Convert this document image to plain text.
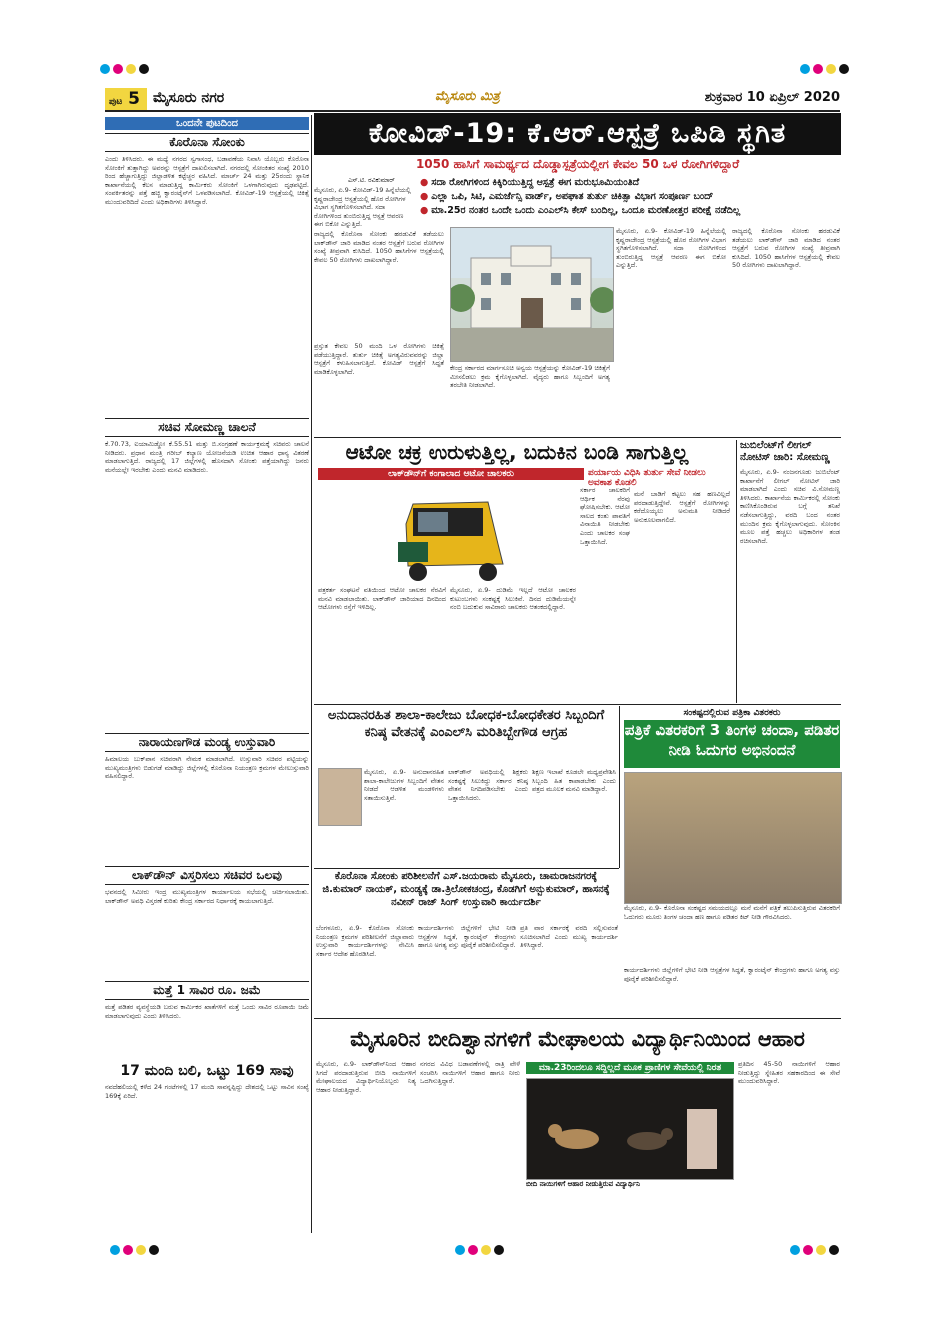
ಪುಟ 5 ಮೈಸೂರು ನಗರ	ಮೈಸೂರು ಮಿತ್ರ	ಶುಕ್ರವಾರ 10 ಏಪ್ರಿಲ್ 2020
ಒಂದನೇ ಪುಟದಿಂದ
ಕೊರೊನಾ ಸೋಂಕು
ಎಂದು ತಿಳಿಸಿದರು. ಈ ಮಧ್ಯೆ ನಗರದ ಸ್ವಗಾಸಂಧ, ಬಡಾವಣೆಯ ನಿವಾಸಿ ಯೊಬ್ಬರು ಕೊರೊನಾ ಸೋಂಕಿಗೆ ತುತ್ತಾಗಿದ್ದು ಅವರನ್ನು ಆಸ್ಪತ್ರೆಗೆ ದಾಖಲಿಸಲಾಗಿದೆ. ನಗರದಲ್ಲಿ ಸೋಂಕಿತರ ಸಂಖ್ಯೆ 2010 ರಿಂದ ಹೆಚ್ಚಾಗುತ್ತಿದ್ದು ಜಿಲ್ಲಾಡಳಿತ ಕಟ್ಟೆಚ್ಚರ ವಹಿಸಿದೆ. ಮಾರ್ಚ್ 24 ಮತ್ತು 25ರಂದು ಸ್ಥಾನಿಕ ಕಾರ್ಖಾನೆಯಲ್ಲಿ ಕೆಲಸ ಮಾಡುತ್ತಿದ್ದ ಕಾರ್ಮಿಕರು ಸೋಂಕಿಗೆ ಒಳಗಾಗಿರುವುದು ದೃಢಪಟ್ಟಿದೆ. ಸಂಪರ್ಕಿತರನ್ನು ಪತ್ತೆ ಹಚ್ಚಿ ಕ್ವಾರಂಟೈನ್‌ಗೆ ಒಳಪಡಿಸಲಾಗಿದೆ. ಕೋವಿಡ್-19 ಆಸ್ಪತ್ರೆಯಲ್ಲಿ ಚಿಕಿತ್ಸೆ ಮುಂದುವರಿದಿದೆ ಎಂದು ಅಧಿಕಾರಿಗಳು ತಿಳಿಸಿದ್ದಾರೆ.
ಸಚಿವ ಸೋಮಣ್ಣ ಚಾಲನೆ
ಕೆ.70.73, ಐಯಾಮಿಡ್ಡೋ ಕೆ.55.51 ಮತ್ತು ಬಿ.ಸಂಗ್ರಹಣೆ ಕಾರ್ಯಕ್ರಮಕ್ಕೆ ಸಚಿವರು ಚಾಲನೆ ನೀಡಿದರು. ಪ್ರಧಾನ ಮಂತ್ರಿ ಗರೀಬ್ ಕಲ್ಯಾಣ ಯೋಜನೆಯಡಿ ಉಚಿತ ಆಹಾರ ಧಾನ್ಯ ವಿತರಣೆ ಮಾಡಲಾಗುತ್ತಿದೆ. ರಾಜ್ಯದಲ್ಲಿ 17 ಜಿಲ್ಲೆಗಳಲ್ಲಿ ಹೊಸದಾಗಿ ಸೋಂಕು ಪತ್ತೆಯಾಗಿದ್ದು ಜನರು ಮನೆಯಲ್ಲೇ ಇರಬೇಕು ಎಂದು ಮನವಿ ಮಾಡಿದರು.
ನಾರಾಯಣಗೌಡ ಮಂಡ್ಯ ಉಸ್ತುವಾರಿ
ಹಿಮಾಲಯ ಬುಕ್‌ಪಾನ ಸಚಿವರಾಗಿ ನೇಮಕ ಮಾಡಲಾಗಿದೆ. ಉಸ್ತುವಾರಿ ಸಚಿವರ ಪಟ್ಟಿಯನ್ನು ಮುಖ್ಯಮಂತ್ರಿಗಳು ಬಿಡುಗಡೆ ಮಾಡಿದ್ದು ಜಿಲ್ಲೆಗಳಲ್ಲಿ ಕೊರೊನಾ ನಿಯಂತ್ರಣ ಕ್ರಮಗಳ ಮೇಲುಸ್ತುವಾರಿ ವಹಿಸಲಿದ್ದಾರೆ.
ಲಾಕ್‌ಡೌನ್ ವಿಸ್ತರಿಸಲು ಸಚಿವರ ಒಲವು
ಭವನದಲ್ಲಿ ಸಿಮೀರು ಇಂದ್ರ ಮುಖ್ಯಮಂತ್ರಿಗಳ ಕಾರ್ಯಾಲಯ ಸಭೆಯಲ್ಲಿ ಚರ್ಚಿಸಲಾಯಿತು. ಲಾಕ್‌ಡೌನ್ ಅವಧಿ ವಿಸ್ತರಣೆ ಕುರಿತು ಕೇಂದ್ರ ಸರ್ಕಾರದ ನಿರ್ಧಾರಕ್ಕೆ ಕಾಯಲಾಗುತ್ತಿದೆ.
ಮತ್ತೆ 1 ಸಾವಿರ ರೂ. ಜಮೆ
ಮತ್ತೆ ಪಡಿತರ ವ್ಯವಸ್ಥೆಯಡಿ ಬರುವ ಕಾರ್ಮಿಕರ ಖಾತೆಗಳಿಗೆ ಮತ್ತೆ ಒಂದು ಸಾವಿರ ರೂಪಾಯಿ ಜಮೆ ಮಾಡಲಾಗುವುದು ಎಂದು ತಿಳಿಸಿದರು.
17 ಮಂದಿ ಬಲಿ, ಒಟ್ಟು 169 ಸಾವು
ನವದೆಹಲಿಯಲ್ಲಿ ಕಳೆದ 24 ಗಂಟೆಗಳಲ್ಲಿ 17 ಮಂದಿ ಸಾವನ್ನಪ್ಪಿದ್ದು ದೇಶದಲ್ಲಿ ಒಟ್ಟು ಸಾವಿನ ಸಂಖ್ಯೆ 169ಕ್ಕೆ ಏರಿದೆ.
ಕೋವಿಡ್-19: ಕೆ.ಆರ್.ಆಸ್ಪತ್ರೆ ಒಪಿಡಿ ಸ್ಥಗಿತ
1050 ಹಾಸಿಗೆ ಸಾಮರ್ಥ್ಯದ ದೊಡ್ಡಾಸ್ಪತ್ರೆಯಲ್ಲೀಗ ಕೇವಲ 50 ಒಳ ರೋಗಿಗಳಿದ್ದಾರೆ
ಎಸ್.ಟಿ. ರವಿಕುಮಾರ್
ಮೈಸೂರು, ಏ.9- ಕೋವಿಡ್-19 ಹಿನ್ನೆಲೆಯಲ್ಲಿ ಕೃಷ್ಣರಾಜೇಂದ್ರ ಆಸ್ಪತ್ರೆಯಲ್ಲಿ ಹೊರ ರೋಗಿಗಳ ವಿಭಾಗ ಸ್ಥಗಿತಗೊಳಿಸಲಾಗಿದೆ. ಸದಾ ರೋಗಿಗಳಿಂದ ತುಂಬಿರುತ್ತಿದ್ದ ಆಸ್ಪತ್ರೆ ಆವರಣ ಈಗ ಬಿಕೋ ಎನ್ನುತ್ತಿದೆ.
● ಸದಾ ರೋಗಿಗಳಿಂದ ಕಿಕ್ಕಿರಿಯುತ್ತಿದ್ದ ಆಸ್ಪತ್ರೆ ಈಗ ಮರುಭೂಮಿಯಂತಿದೆ
● ಎಲ್ಲಾ ಒಪಿ, ಸಿಟಿ, ಎಮರ್ಜೆನ್ಸಿ ವಾರ್ಡ್, ಅಪಘಾತ ತುರ್ತು ಚಿಕಿತ್ಸಾ ವಿಭಾಗ ಸಂಪೂರ್ಣ ಬಂದ್
● ಮಾ.25ರ ನಂತರ ಒಂದೇ ಒಂದು ಎಂಎಲ್‌ಸಿ ಕೇಸ್ ಬಂದಿಲ್ಲ, ಒಂದೂ ಮರಣೋತ್ತರ ಪರೀಕ್ಷೆ ನಡೆದಿಲ್ಲ
ರಾಜ್ಯದಲ್ಲಿ ಕೊರೊನಾ ಸೋಂಕು ಹರಡುವಿಕೆ ತಡೆಯಲು ಲಾಕ್‌ಡೌನ್ ಜಾರಿ ಮಾಡಿದ ನಂತರ ಆಸ್ಪತ್ರೆಗೆ ಬರುವ ರೋಗಿಗಳ ಸಂಖ್ಯೆ ತೀವ್ರವಾಗಿ ಕುಸಿದಿದೆ. 1050 ಹಾಸಿಗೆಗಳ ಆಸ್ಪತ್ರೆಯಲ್ಲಿ ಕೇವಲ 50 ರೋಗಿಗಳು ದಾಖಲಾಗಿದ್ದಾರೆ.
ಪ್ರಸ್ತುತ ಕೇವಲ 50 ಮಂದಿ ಒಳ ರೋಗಿಗಳು ಚಿಕಿತ್ಸೆ ಪಡೆಯುತ್ತಿದ್ದಾರೆ. ತುರ್ತು ಚಿಕಿತ್ಸೆ ಅಗತ್ಯವಿರುವವರನ್ನು ಜಿಲ್ಲಾ ಆಸ್ಪತ್ರೆಗೆ ಕಳುಹಿಸಲಾಗುತ್ತಿದೆ. ಕೋವಿಡ್ ಆಸ್ಪತ್ರೆಗೆ ಸಿದ್ಧತೆ ಮಾಡಿಕೊಳ್ಳಲಾಗಿದೆ.	ಕೇಂದ್ರ ಸರ್ಕಾರದ ಮಾರ್ಗಸೂಚಿ ಅನ್ವಯ ಆಸ್ಪತ್ರೆಯನ್ನು ಕೋವಿಡ್-19 ಚಿಕಿತ್ಸೆಗೆ ಮೀಸಲಿಡಲು ಕ್ರಮ ಕೈಗೊಳ್ಳಲಾಗಿದೆ. ವೈದ್ಯರು ಹಾಗೂ ಸಿಬ್ಬಂದಿಗೆ ಅಗತ್ಯ ತರಬೇತಿ ನೀಡಲಾಗಿದೆ.
ಮೈಸೂರು, ಏ.9- ಕೋವಿಡ್-19 ಹಿನ್ನೆಲೆಯಲ್ಲಿ ಕೃಷ್ಣರಾಜೇಂದ್ರ ಆಸ್ಪತ್ರೆಯಲ್ಲಿ ಹೊರ ರೋಗಿಗಳ ವಿಭಾಗ ಸ್ಥಗಿತಗೊಳಿಸಲಾಗಿದೆ. ಸದಾ ರೋಗಿಗಳಿಂದ ತುಂಬಿರುತ್ತಿದ್ದ ಆಸ್ಪತ್ರೆ ಆವರಣ ಈಗ ಬಿಕೋ ಎನ್ನುತ್ತಿದೆ.
ರಾಜ್ಯದಲ್ಲಿ ಕೊರೊನಾ ಸೋಂಕು ಹರಡುವಿಕೆ ತಡೆಯಲು ಲಾಕ್‌ಡೌನ್ ಜಾರಿ ಮಾಡಿದ ನಂತರ ಆಸ್ಪತ್ರೆಗೆ ಬರುವ ರೋಗಿಗಳ ಸಂಖ್ಯೆ ತೀವ್ರವಾಗಿ ಕುಸಿದಿದೆ. 1050 ಹಾಸಿಗೆಗಳ ಆಸ್ಪತ್ರೆಯಲ್ಲಿ ಕೇವಲ 50 ರೋಗಿಗಳು ದಾಖಲಾಗಿದ್ದಾರೆ.
ಆಟೋ ಚಕ್ರ ಉರುಳುತ್ತಿಲ್ಲ, ಬದುಕಿನ ಬಂಡಿ ಸಾಗುತ್ತಿಲ್ಲ
ಲಾಕ್‌ಡೌನ್‌ಗೆ ಕಂಗಾಲಾದ ಆಟೋ ಚಾಲಕರು
ಪತ್ರಕರ್ತ ಸಂಘಟನೆ ವತಿಯಿಂದ ಆಟೋ ಚಾಲಕರ ನೆರವಿಗೆ ಮನವಿ ಮಾಡಲಾಯಿತು. ಲಾಕ್‌ಡೌನ್ ಜಾರಿಯಾದ ದಿನದಿಂದ ಆಟೋಗಳು ರಸ್ತೆಗೆ ಇಳಿದಿಲ್ಲ.
ಮೈಸೂರು, ಏ.9- ದುಡಿಮೆ ಇಲ್ಲದೆ ಆಟೋ ಚಾಲಕರ ಕುಟುಂಬಗಳು ಸಂಕಷ್ಟಕ್ಕೆ ಸಿಲುಕಿವೆ. ದಿನದ ದುಡಿಮೆಯನ್ನೇ ನಂಬಿ ಬದುಕುವ ಸಾವಿರಾರು ಚಾಲಕರು ಆತಂಕದಲ್ಲಿದ್ದಾರೆ.
ಸರ್ಕಾರ ಚಾಲಕರಿಗೆ ಆರ್ಥಿಕ ನೆರವು ಘೋಷಿಸಬೇಕು. ಆಟೋ ಸಾಲದ ಕಂತು ಪಾವತಿಗೆ ವಿನಾಯಿತಿ ನೀಡಬೇಕು ಎಂದು ಚಾಲಕರ ಸಂಘ ಒತ್ತಾಯಿಸಿದೆ.
ಪರ್ಯಾಯ ವಿಧಿಸಿ ತುರ್ತು ಸೇವೆ ನೀಡಲು ಅವಕಾಶ ಕೊಡಲಿ
ಮನೆ ಬಾಡಿಗೆ ಕಟ್ಟಲು ಸಹ ಹಣವಿಲ್ಲದೆ ಪರದಾಡುತ್ತಿದ್ದೇವೆ. ಆಸ್ಪತ್ರೆಗೆ ರೋಗಿಗಳನ್ನು ಕರೆದೊಯ್ಯಲು ಅನುಮತಿ ನೀಡಿದರೆ ಅನುಕೂಲವಾಗಲಿದೆ.
ಜುಬಿಲೆಂಟ್‌ಗೆ ಲೀಗಲ್ ನೋಟಿಸ್ ಜಾರಿ: ಸೋಮಣ್ಣ
ಮೈಸೂರು, ಏ.9- ನಂಜನಗೂಡು ಜುಬಿಲೆಂಟ್ ಕಾರ್ಖಾನೆಗೆ ಲೀಗಲ್ ನೋಟಿಸ್ ಜಾರಿ ಮಾಡಲಾಗಿದೆ ಎಂದು ಸಚಿವ ವಿ.ಸೋಮಣ್ಣ ತಿಳಿಸಿದರು. ಕಾರ್ಖಾನೆಯ ಕಾರ್ಮಿಕರಲ್ಲಿ ಸೋಂಕು ಕಾಣಿಸಿಕೊಂಡಿರುವ ಬಗ್ಗೆ ತನಿಖೆ ನಡೆಸಲಾಗುತ್ತಿದ್ದು, ವರದಿ ಬಂದ ನಂತರ ಮುಂದಿನ ಕ್ರಮ ಕೈಗೊಳ್ಳಲಾಗುವುದು. ಸೋಂಕಿನ ಮೂಲ ಪತ್ತೆ ಹಚ್ಚಲು ಅಧಿಕಾರಿಗಳ ತಂಡ ರಚಿಸಲಾಗಿದೆ.
ಅನುದಾನರಹಿತ ಶಾಲಾ-ಕಾಲೇಜು ಬೋಧಕ-ಬೋಧಕೇತರ ಸಿಬ್ಬಂದಿಗೆ ಕನಿಷ್ಠ ವೇತನಕ್ಕೆ ಎಂಎಲ್‌ಸಿ ಮರಿತಿಬ್ಬೇಗೌಡ ಆಗ್ರಹ
ಮೈಸೂರು, ಏ.9- ಅನುದಾನರಹಿತ ಶಾಲಾ-ಕಾಲೇಜುಗಳ ಸಿಬ್ಬಂದಿಗೆ ವೇತನ ನೀಡದೆ ಆಡಳಿತ ಮಂಡಳಿಗಳು ಸತಾಯಿಸುತ್ತಿವೆ.
ಲಾಕ್‌ಡೌನ್ ಅವಧಿಯಲ್ಲಿ ಶಿಕ್ಷಕರು ಸಂಕಷ್ಟಕ್ಕೆ ಸಿಲುಕಿದ್ದು ಸರ್ಕಾರ ಕನಿಷ್ಠ ವೇತನ ನಿಗದಿಪಡಿಸಬೇಕು ಎಂದು ಒತ್ತಾಯಿಸಿದರು.
ಶಿಕ್ಷಣ ಇಲಾಖೆ ಕೂಡಲೇ ಮಧ್ಯಪ್ರವೇಶಿಸಿ ಸಿಬ್ಬಂದಿ ಹಿತ ಕಾಪಾಡಬೇಕು ಎಂದು ಪತ್ರದ ಮೂಲಕ ಮನವಿ ಮಾಡಿದ್ದಾರೆ.
ಸಂಕಷ್ಟದಲ್ಲಿರುವ ಪತ್ರಿಕಾ ವಿತರಕರು
ಪತ್ರಿಕೆ ವಿತರಕರಿಗೆ 3 ತಿಂಗಳ ಚಂದಾ, ಪಡಿತರ ನೀಡಿ ಓದುಗರ ಅಭಿನಂದನೆ
ಮೈಸೂರು, ಏ.9- ಕೊರೊನಾ ಸಂಕಷ್ಟದ ಸಮಯದಲ್ಲೂ ಮನೆ ಮನೆಗೆ ಪತ್ರಿಕೆ ತಲುಪಿಸುತ್ತಿರುವ ವಿತರಕರಿಗೆ ಓದುಗರು ಮೂರು ತಿಂಗಳ ಚಂದಾ ಹಣ ಹಾಗೂ ಪಡಿತರ ಕಿಟ್ ನೀಡಿ ಗೌರವಿಸಿದರು.
ಕೊರೊನಾ ಸೋಂಕು ಪರಿಶೀಲನೆಗೆ ಎಸ್.ಜಯರಾಮ ಮೈಸೂರು, ಚಾಮರಾಜನಗರಕ್ಕೆ ಜಿ.ಕುಮಾರ್ ನಾಯಕ್, ಮಂಡ್ಯಕ್ಕೆ ಡಾ.ತ್ರಿಲೋಕಚಂದ್ರ, ಕೊಡಗಿಗೆ ಅನ್ಬುಕುಮಾರ್, ಹಾಸನಕ್ಕೆ ನವೀನ್ ರಾಜ್ ಸಿಂಗ್ ಉಸ್ತುವಾರಿ ಕಾರ್ಯದರ್ಶಿ
ಬೆಂಗಳೂರು, ಏ.9- ಕೊರೊನಾ ಸೋಂಕು ನಿಯಂತ್ರಣ ಕ್ರಮಗಳ ಪರಿಶೀಲನೆಗೆ ಜಿಲ್ಲಾವಾರು ಉಸ್ತುವಾರಿ ಕಾರ್ಯದರ್ಶಿಗಳನ್ನು ನೇಮಿಸಿ ಸರ್ಕಾರ ಆದೇಶ ಹೊರಡಿಸಿದೆ.
ಕಾರ್ಯದರ್ಶಿಗಳು ಜಿಲ್ಲೆಗಳಿಗೆ ಭೇಟಿ ನೀಡಿ ಆಸ್ಪತ್ರೆಗಳ ಸಿದ್ಧತೆ, ಕ್ವಾರಂಟೈನ್ ಕೇಂದ್ರಗಳು ಹಾಗೂ ಅಗತ್ಯ ವಸ್ತು ಪೂರೈಕೆ ಪರಿಶೀಲಿಸಲಿದ್ದಾರೆ.
ಪ್ರತಿ ವಾರ ಸರ್ಕಾರಕ್ಕೆ ವರದಿ ಸಲ್ಲಿಸುವಂತೆ ಸೂಚಿಸಲಾಗಿದೆ ಎಂದು ಮುಖ್ಯ ಕಾರ್ಯದರ್ಶಿ ತಿಳಿಸಿದ್ದಾರೆ.
ಕಾರ್ಯದರ್ಶಿಗಳು ಜಿಲ್ಲೆಗಳಿಗೆ ಭೇಟಿ ನೀಡಿ ಆಸ್ಪತ್ರೆಗಳ ಸಿದ್ಧತೆ, ಕ್ವಾರಂಟೈನ್ ಕೇಂದ್ರಗಳು ಹಾಗೂ ಅಗತ್ಯ ವಸ್ತು ಪೂರೈಕೆ ಪರಿಶೀಲಿಸಲಿದ್ದಾರೆ.
ಮೈಸೂರಿನ ಬೀದಿಶ್ವಾನಗಳಿಗೆ ಮೇಘಾಲಯ ವಿದ್ಯಾರ್ಥಿನಿಯಿಂದ ಆಹಾರ
ಮೈಸೂರು, ಏ.9- ಲಾಕ್‌ಡೌನ್‌ನಿಂದ ಆಹಾರ ಸಿಗದೆ ಪರದಾಡುತ್ತಿರುವ ಬೀದಿ ನಾಯಿಗಳಿಗೆ ಮೇಘಾಲಯದ ವಿದ್ಯಾರ್ಥಿನಿಯೊಬ್ಬರು ನಿತ್ಯ ಆಹಾರ ನೀಡುತ್ತಿದ್ದಾರೆ.
ನಗರದ ವಿವಿಧ ಬಡಾವಣೆಗಳಲ್ಲಿ ರಾತ್ರಿ ವೇಳೆ ಸಂಚರಿಸಿ ನಾಯಿಗಳಿಗೆ ಆಹಾರ ಹಾಗೂ ನೀರು ಒದಗಿಸುತ್ತಿದ್ದಾರೆ.
ಮಾ.23ರಿಂದಲೂ ಸದ್ದಿಲ್ಲದೆ ಮೂಕ ಪ್ರಾಣಿಗಳ ಸೇವೆಯಲ್ಲಿ ನಿರತ
ಬೀದಿ ನಾಯಿಗಳಿಗೆ ಆಹಾರ ನೀಡುತ್ತಿರುವ ವಿದ್ಯಾರ್ಥಿನಿ
ಪ್ರತಿದಿನ 45-50 ನಾಯಿಗಳಿಗೆ ಆಹಾರ ನೀಡುತ್ತಿದ್ದು ಸ್ನೇಹಿತರ ಸಹಕಾರದಿಂದ ಈ ಸೇವೆ ಮುಂದುವರಿಸಿದ್ದಾರೆ.
